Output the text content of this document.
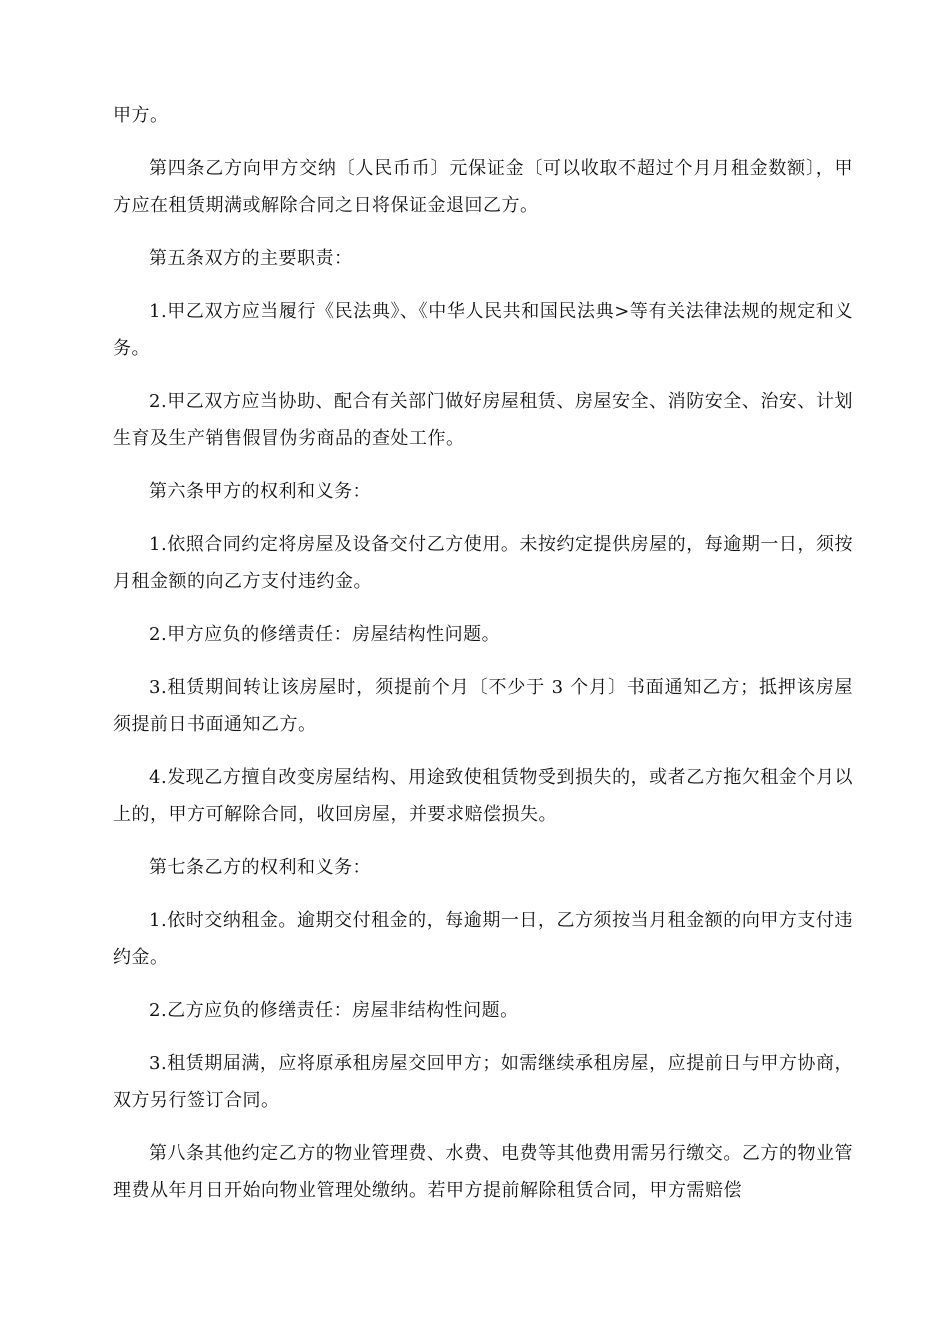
甲方。

第四条乙方向甲方交纳〔人民币币〕元保证金〔可以收取不超过个月月租金数额〕，甲方应在租赁期满或解除合同之日将保证金退回乙方。

第五条双方的主要职责：

1.甲乙双方应当履行《民法典》、《中华人民共和国民法典>等有关法律法规的规定和义务。

2.甲乙双方应当协助、配合有关部门做好房屋租赁、房屋安全、消防安全、治安、计划生育及生产销售假冒伪劣商品的查处工作。

第六条甲方的权利和义务：

1.依照合同约定将房屋及设备交付乙方使用。未按约定提供房屋的，每逾期一日，须按月租金额的向乙方支付违约金。

2.甲方应负的修缮责任：房屋结构性问题。

3.租赁期间转让该房屋时，须提前个月〔不少于 3 个月〕书面通知乙方；抵押该房屋须提前日书面通知乙方。

4.发现乙方擅自改变房屋结构、用途致使租赁物受到损失的，或者乙方拖欠租金个月以上的，甲方可解除合同，收回房屋，并要求赔偿损失。

第七条乙方的权利和义务：

1.依时交纳租金。逾期交付租金的，每逾期一日，乙方须按当月租金额的向甲方支付违约金。

2.乙方应负的修缮责任：房屋非结构性问题。

3.租赁期届满，应将原承租房屋交回甲方；如需继续承租房屋，应提前日与甲方协商，双方另行签订合同。

第八条其他约定乙方的物业管理费、水费、电费等其他费用需另行缴交。乙方的物业管理费从年月日开始向物业管理处缴纳。若甲方提前解除租赁合同，甲方需赔偿
